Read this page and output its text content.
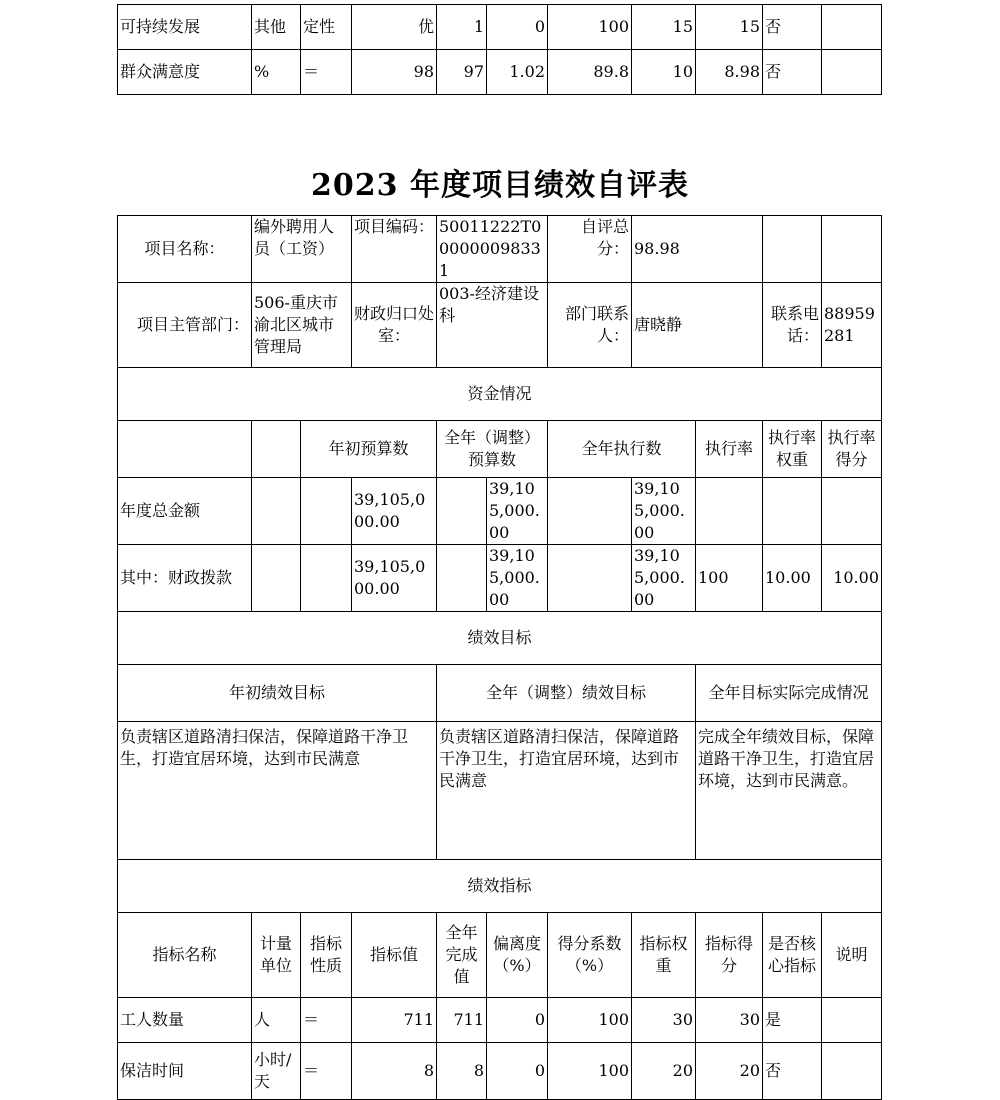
可持续发展	其他	定性	优	1	0	100	15	15	否	
群众满意度	%	＝	98	97	1.02	89.8	10	8.98	否	
2023 年度项目绩效自评表
项目名称：	编外聘用人员（工资）		项目编码：	50011222T000000098331		自评总分：	98.98			
项目主管部门：	506-重庆市渝北区城市管理局		财政归口处室：	003-经济建设科		部门联系人：	唐晓静		联系电话：	88959281
资金情况										
		年初预算数		全年（调整）预算数		全年执行数		执行率	执行率权重	执行率得分
年度总金额			39,105,000.00		39,105,000.00		39,105,000.00			
其中：财政拨款			39,105,000.00		39,105,000.00		39,105,000.00	100	10.00	10.00
绩效目标										
年初绩效目标				全年（调整）绩效目标				全年目标实际完成情况		
负责辖区道路清扫保洁，保障道路干净卫生，打造宜居环境，达到市民满意				负责辖区道路清扫保洁，保障道路干净卫生，打造宜居环境，达到市民满意				完成全年绩效目标，保障道路干净卫生，打造宜居环境，达到市民满意。		
绩效指标										
指标名称	计量单位	指标性质	指标值	全年完成值	偏离度（%）	得分系数（%）	指标权重	指标得分	是否核心指标	说明
工人数量	人	＝	711	711	0	100	30	30	是	
保洁时间	小时/天	＝	8	8	0	100	20	20	否	
